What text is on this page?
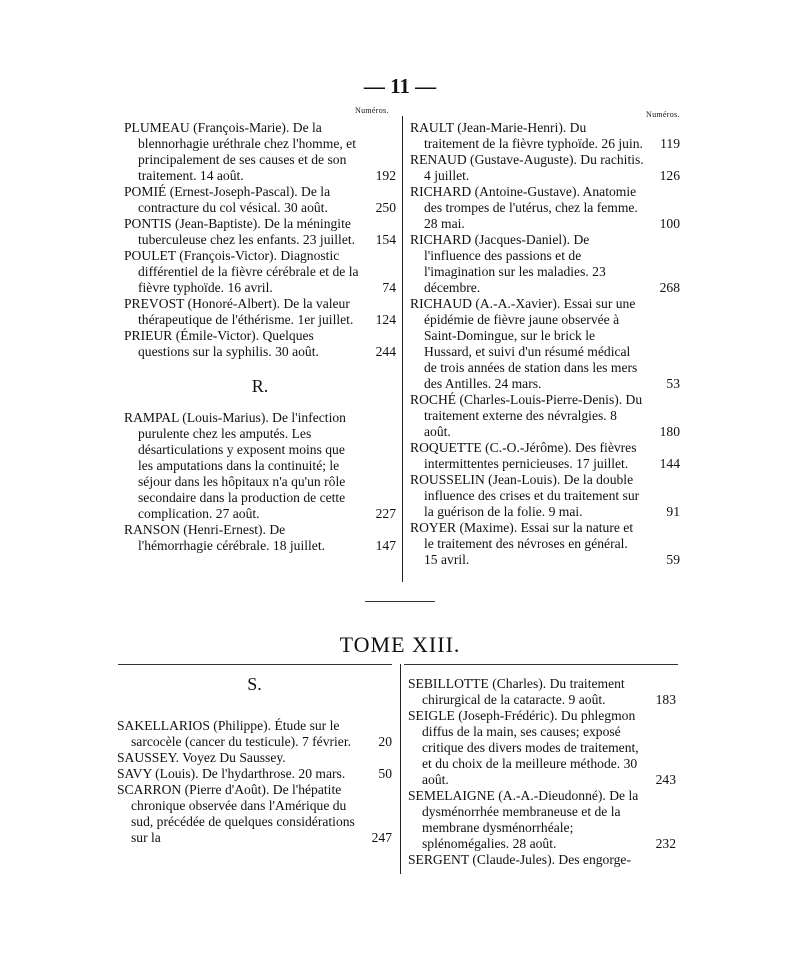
— 11 —
Numéros.	Numéros.
PLUMEAU (François-Marie). De la blennorhagie uréthrale chez l'homme, et principalement de ses causes et de son traitement. 14 août.	192
POMIÉ (Ernest-Joseph-Pascal). De la contracture du col vésical. 30 août.	250
PONTIS (Jean-Baptiste). De la méningite tuberculeuse chez les enfants. 23 juillet.	154
POULET (François-Victor). Diagnostic différentiel de la fièvre cérébrale et de la fièvre typhoïde. 16 avril.	74
PREVOST (Honoré-Albert). De la valeur thérapeutique de l'éthérisme. 1er juillet.	124
PRIEUR (Émile-Victor). Quelques questions sur la syphilis. 30 août.	244
R.
RAMPAL (Louis-Marius). De l'infection purulente chez les amputés. Les désarticulations y exposent moins que les amputations dans la continuité; le séjour dans les hôpitaux n'a qu'un rôle secondaire dans la production de cette complication. 27 août.	227
RANSON (Henri-Ernest). De l'hémorrhagie cérébrale. 18 juillet.	147
RAULT (Jean-Marie-Henri). Du traitement de la fièvre typhoïde. 26 juin.	119
RENAUD (Gustave-Auguste). Du rachitis. 4 juillet.	126
RICHARD (Antoine-Gustave). Anatomie des trompes de l'utérus, chez la femme. 28 mai.	100
RICHARD (Jacques-Daniel). De l'influence des passions et de l'imagination sur les maladies. 23 décembre.	268
RICHAUD (A.-A.-Xavier). Essai sur une épidémie de fièvre jaune observée à Saint-Domingue, sur le brick le Hussard, et suivi d'un résumé médical de trois années de station dans les mers des Antilles. 24 mars.	53
ROCHÉ (Charles-Louis-Pierre-Denis). Du traitement externe des névralgies. 8 août.	180
ROQUETTE (C.-O.-Jérôme). Des fièvres intermittentes pernicieuses. 17 juillet.	144
ROUSSELIN (Jean-Louis). De la double influence des crises et du traitement sur la guérison de la folie. 9 mai.	91
ROYER (Maxime). Essai sur la nature et le traitement des névroses en général. 15 avril.	59
TOME XIII.
S.
SAKELLARIOS (Philippe). Étude sur le sarcocèle (cancer du testicule). 7 février.	20
SAUSSEY. Voyez Du Saussey.
SAVY (Louis). De l'hydarthrose. 20 mars.	50
SCARRON (Pierre d'Août). De l'hépatite chronique observée dans l'Amérique du sud, précédée de quelques considérations sur la	247
SEBILLOTTE (Charles). Du traitement chirurgical de la cataracte. 9 août.	183
SEIGLE (Joseph-Frédéric). Du phlegmon diffus de la main, ses causes; exposé critique des divers modes de traitement, et du choix de la meilleure méthode. 30 août.	243
SEMELAIGNE (A.-A.-Dieudonné). De la dysménorrhée membraneuse et de la membrane dysménorrhéale; splénomégalies. 28 août.	232
SERGENT (Claude-Jules). Des engorge-
